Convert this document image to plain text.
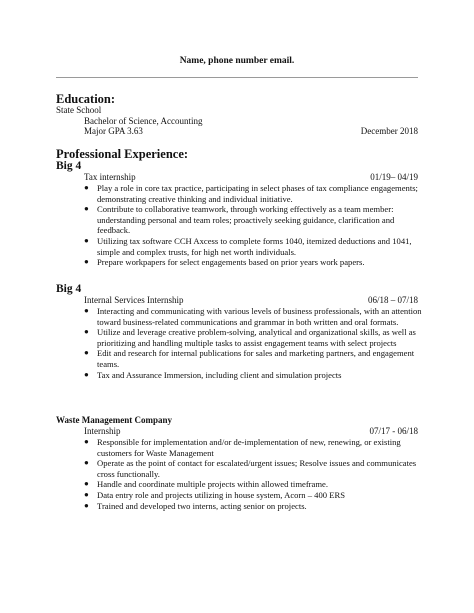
Name, phone number email.
Education:
State School
Bachelor of Science, Accounting
Major GPA 3.63	December 2018
Professional Experience:
Big 4
Tax internship	01/19– 04/19
● Play a role in core tax practice, participating in select phases of tax compliance engagements; demonstrating creative thinking and individual initiative.
● Contribute to collaborative teamwork, through working effectively as a team member: understanding personal and team roles; proactively seeking guidance, clarification and feedback.
● Utilizing tax software CCH Axcess to complete forms 1040, itemized deductions and 1041, simple and complex trusts, for high net worth individuals.
● Prepare workpapers for select engagements based on prior years work papers.
Big 4
Internal Services Internship	06/18 – 07/18
● Interacting and communicating with various levels of business professionals, with an attention toward business-related communications and grammar in both written and oral formats.
● Utilize and leverage creative problem-solving, analytical and organizational skills, as well as prioritizing and handling multiple tasks to assist engagement teams with select projects
● Edit and research for internal publications for sales and marketing partners, and engagement teams.
● Tax and Assurance Immersion, including client and simulation projects
Waste Management Company
Internship	07/17 - 06/18
● Responsible for implementation and/or de-implementation of new, renewing, or existing customers for Waste Management
● Operate as the point of contact for escalated/urgent issues; Resolve issues and communicates cross functionally.
● Handle and coordinate multiple projects within allowed timeframe.
● Data entry role and projects utilizing in house system, Acorn – 400 ERS
● Trained and developed two interns, acting senior on projects.
